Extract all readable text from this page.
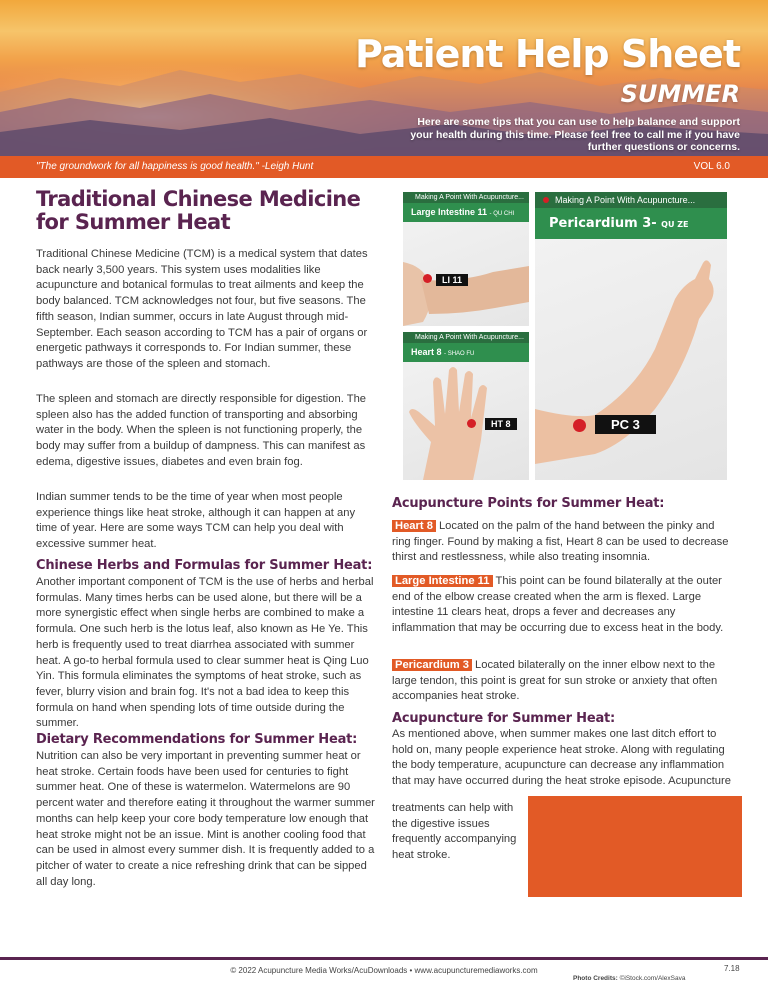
Patient Help Sheet
SUMMER
Here are some tips that you can use to help balance and support your health during this time. Please feel free to call me if you have further questions or concerns.
"The groundwork for all happiness is good health." -Leigh Hunt	VOL 6.0
Traditional Chinese Medicine for Summer Heat
Traditional Chinese Medicine (TCM) is a medical system that dates back nearly 3,500 years. This system uses modalities like acupuncture and botanical formulas to treat ailments and keep the body balanced. TCM acknowledges not four, but five seasons. The fifth season, Indian summer, occurs in late August through mid-September. Each season according to TCM has a pair of organs or energetic pathways it corresponds to. For Indian summer, these pathways are those of the spleen and stomach.
The spleen and stomach are directly responsible for digestion. The spleen also has the added function of transporting and absorbing water in the body. When the spleen is not functioning properly, the body may suffer from a buildup of dampness. This can manifest as edema, digestive issues, diabetes and even brain fog.
Indian summer tends to be the time of year when most people experience things like heat stroke, although it can happen at any time of year. Here are some ways TCM can help you deal with excessive summer heat.
Chinese Herbs and Formulas for Summer Heat:
Another important component of TCM is the use of herbs and herbal formulas. Many times herbs can be used alone, but there will be a more synergistic effect when single herbs are combined to make a formula. One such herb is the lotus leaf, also known as He Ye. This herb is frequently used to treat diarrhea associated with summer heat. A go-to herbal formula used to clear summer heat is Qing Luo Yin. This formula eliminates the symptoms of heat stroke, such as fever, blurry vision and brain fog. It's not a bad idea to keep this formula on hand when spending lots of time outside during the summer.
Dietary Recommendations for Summer Heat:
Nutrition can also be very important in preventing summer heat or heat stroke. Certain foods have been used for centuries to fight summer heat. One of these is watermelon. Watermelons are 90 percent water and therefore eating it throughout the warmer summer months can help keep your core body temperature low enough that heat stroke might not be an issue. Mint is another cooling food that can be used in almost every summer dish. It is frequently added to a pitcher of water to create a nice refreshing drink that can be sipped all day long.
Making A Point With Acupuncture...
Large Intestine 11 - QU CHI
LI 11
Making A Point With Acupuncture...
Heart 8 - SHAO FU
HT 8
Making A Point With Acupuncture...
Pericardium 3- QU ZE
PC 3
Acupuncture Points for Summer Heat:
Heart 8 Located on the palm of the hand between the pinky and ring finger. Found by making a fist, Heart 8 can be used to decrease thirst and restlessness, while also treating insomnia.
Large Intestine 11 This point can be found bilaterally at the outer end of the elbow crease created when the arm is flexed. Large intestine 11 clears heat, drops a fever and decreases any inflammation that may be occurring due to excess heat in the body.
Pericardium 3 Located bilaterally on the inner elbow next to the large tendon, this point is great for sun stroke or anxiety that often accompanies heat stroke.
Acupuncture for Summer Heat:
As mentioned above, when summer makes one last ditch effort to hold on, many people experience heat stroke. Along with regulating the body temperature, acupuncture can decrease any inflammation that may have occurred during the heat stroke episode. Acupuncture
treatments can help with the digestive issues frequently accompanying heat stroke.
© 2022 Acupuncture Media Works/AcuDownloads • www.acupuncturemediaworks.com
Photo Credits: ©iStock.com/AlexSava
7.18
